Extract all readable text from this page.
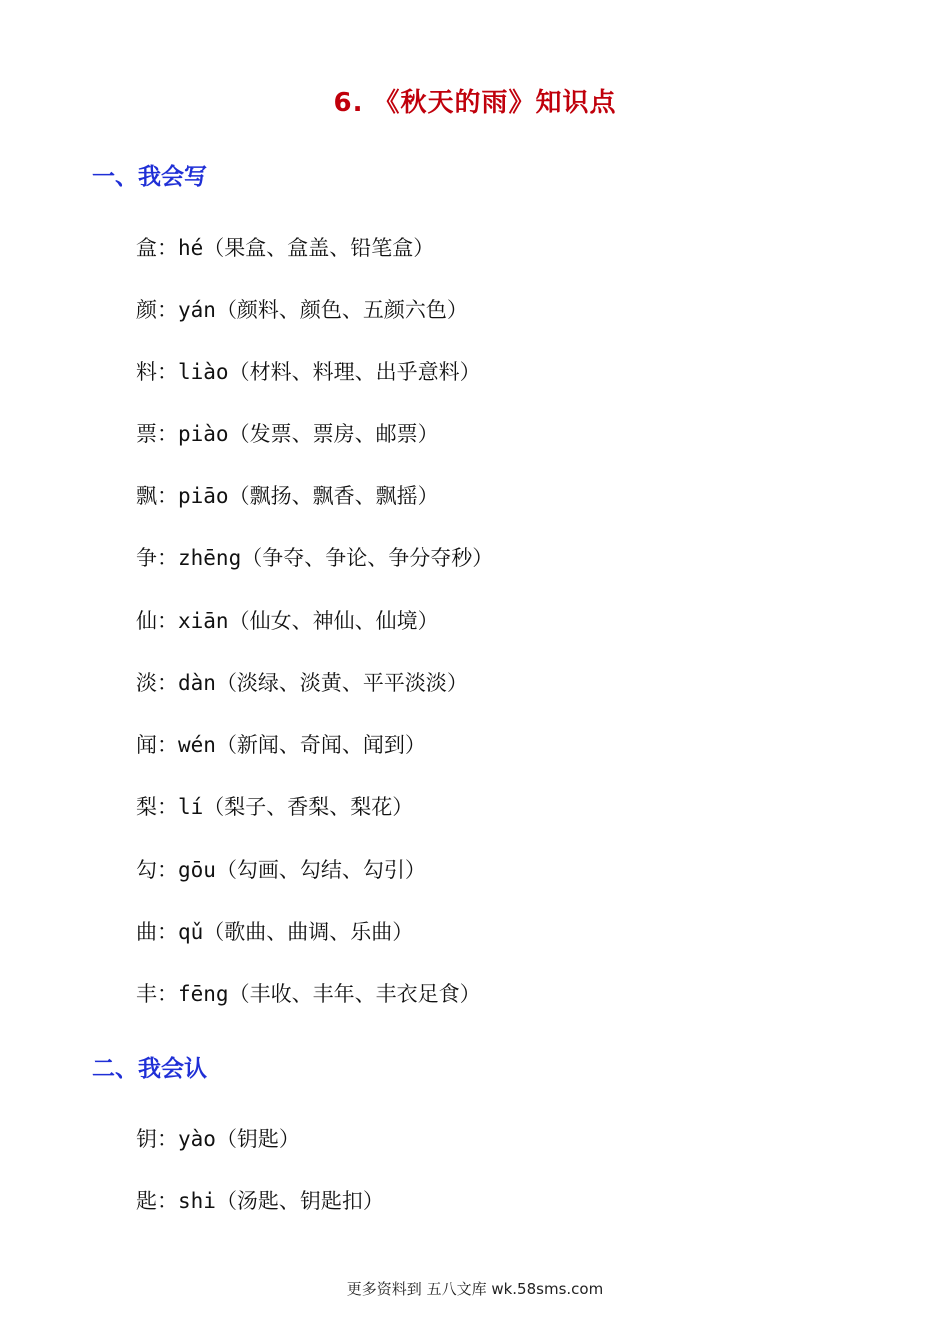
6. 《秋天的雨》知识点
一、我会写
盒：hé（果盒、盒盖、铅笔盒）
颜：yán（颜料、颜色、五颜六色）
料：liào（材料、料理、出乎意料）
票：piào（发票、票房、邮票）
飘：piāo（飘扬、飘香、飘摇）
争：zhēng（争夺、争论、争分夺秒）
仙：xiān（仙女、神仙、仙境）
淡：dàn（淡绿、淡黄、平平淡淡）
闻：wén（新闻、奇闻、闻到）
梨：lí（梨子、香梨、梨花）
勾：gōu（勾画、勾结、勾引）
曲：qǔ（歌曲、曲调、乐曲）
丰：fēng（丰收、丰年、丰衣足食）
二、我会认
钥：yào（钥匙）
匙：shi（汤匙、钥匙扣）
更多资料到 五八文库 wk.58sms.com
